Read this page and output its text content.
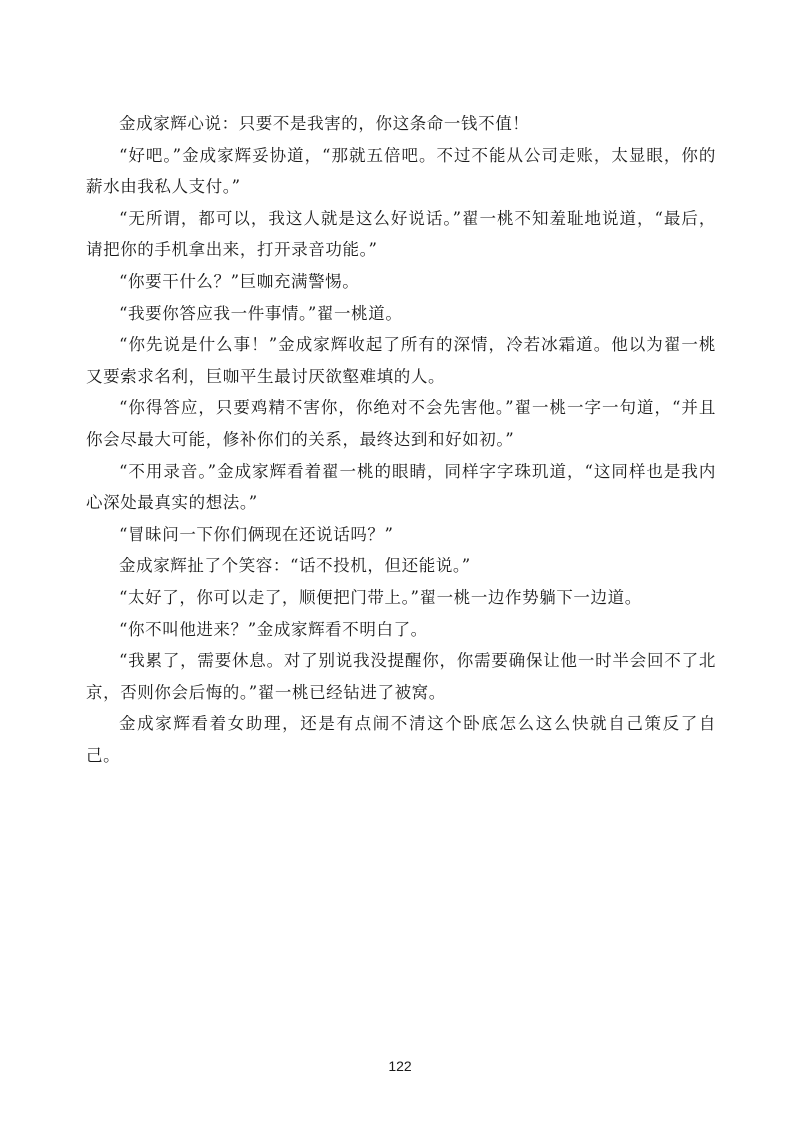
金成家辉心说：只要不是我害的，你这条命一钱不值！

“好吧。”金成家辉妥协道，“那就五倍吧。不过不能从公司走账，太显眼，你的薪水由我私人支付。”

“无所谓，都可以，我这人就是这么好说话。”翟一桃不知羞耻地说道，“最后，请把你的手机拿出来，打开录音功能。”

“你要干什么？”巨咖充满警惕。

“我要你答应我一件事情。”翟一桃道。

“你先说是什么事！”金成家辉收起了所有的深情，冷若冰霜道。他以为翟一桃又要索求名利，巨咖平生最讨厌欲壑难填的人。

“你得答应，只要鸡精不害你，你绝对不会先害他。”翟一桃一字一句道，“并且你会尽最大可能，修补你们的关系，最终达到和好如初。”

“不用录音。”金成家辉看着翟一桃的眼睛，同样字字珠玑道，“这同样也是我内心深处最真实的想法。”

“冒昧问一下你们俩现在还说话吗？”

金成家辉扯了个笑容：“话不投机，但还能说。”

“太好了，你可以走了，顺便把门带上。”翟一桃一边作势躺下一边道。

“你不叫他进来？”金成家辉看不明白了。

“我累了，需要休息。对了别说我没提醒你，你需要确保让他一时半会回不了北京，否则你会后悔的。”翟一桃已经钻进了被窝。

金成家辉看着女助理，还是有点闹不清这个卧底怎么这么快就自己策反了自己。

122
